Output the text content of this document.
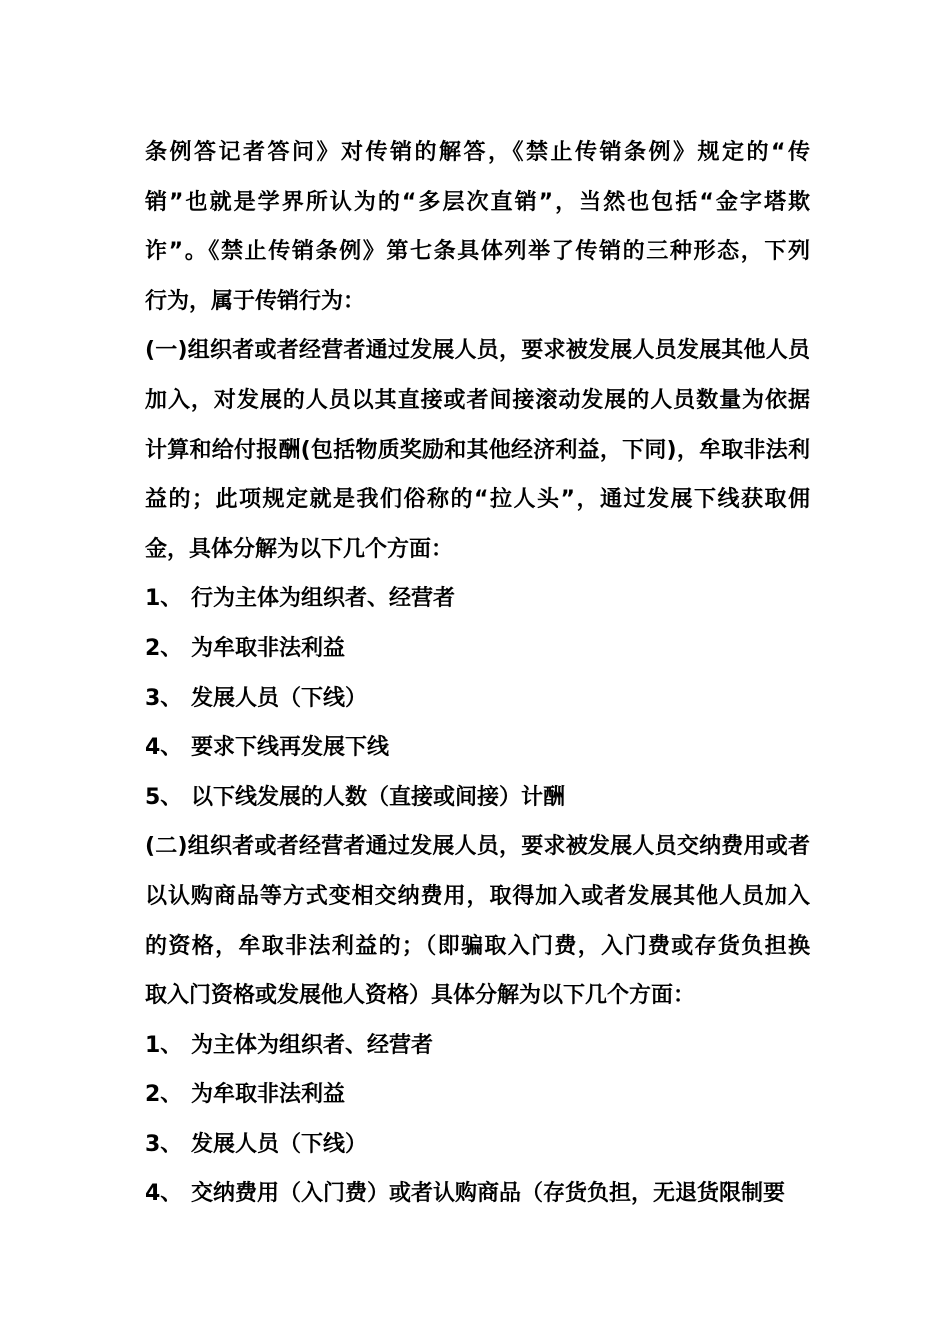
条例答记者答问》对传销的解答，《禁止传销条例》规定的“传
销”也就是学界所认为的“多层次直销”，当然也包括“金字塔欺
诈”。《禁止传销条例》第七条具体列举了传销的三种形态，下列
行为，属于传销行为：
(一)组织者或者经营者通过发展人员，要求被发展人员发展其他人员
加入，对发展的人员以其直接或者间接滚动发展的人员数量为依据
计算和给付报酬(包括物质奖励和其他经济利益，下同)，牟取非法利
益的；此项规定就是我们俗称的“拉人头”，通过发展下线获取佣
金，具体分解为以下几个方面：
1、 行为主体为组织者、经营者
2、 为牟取非法利益
3、 发展人员（下线）
4、 要求下线再发展下线
5、 以下线发展的人数（直接或间接）计酬
(二)组织者或者经营者通过发展人员，要求被发展人员交纳费用或者
以认购商品等方式变相交纳费用，取得加入或者发展其他人员加入
的资格，牟取非法利益的；（即骗取入门费，入门费或存货负担换
取入门资格或发展他人资格）具体分解为以下几个方面：
1、 为主体为组织者、经营者
2、 为牟取非法利益
3、 发展人员（下线）
4、 交纳费用（入门费）或者认购商品（存货负担，无退货限制要
